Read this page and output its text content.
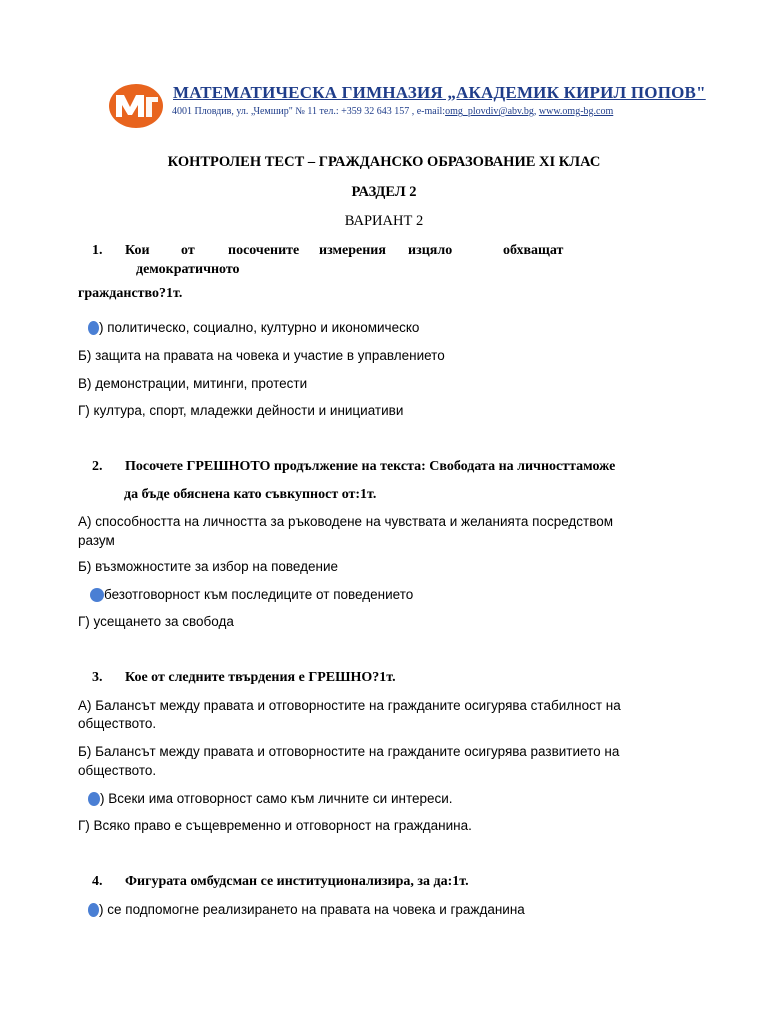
МАТЕМАТИЧЕСКА ГИМНАЗИЯ „АКАДЕМИК КИРИЛ ПОПОВ"
4001 Пловдив, ул. „Чемшир" № 11 тел.: +359 32 643 157 , e-mail:omg_plovdiv@abv.bg, www.omg-bg.com
КОНТРОЛЕН ТЕСТ – ГРАЖДАНСКО ОБРАЗОВАНИЕ XI КЛАС
РАЗДЕЛ 2
ВАРИАНТ 2
1. Кои от посочените измерения изцяло	обхващат
демократичното
гражданство?1т.
) политическо, социално, културно и икономическо
Б) защита на правата на човека и участие в управлението
В) демонстрации, митинги, протести
Г) култура, спорт, младежки дейности и инициативи
2. Посочете ГРЕШНОТО продължение на текста: Свободата на личносттаможе
да бъде обяснена като съвкупност от:1т.
А) способността на личността за ръководене на чувствата и желанията посредством
разум
Б) възможностите за избор на поведение
безотговорност към последиците от поведението
Г) усещането за свобода
3. Кое от следните твърдения е ГРЕШНО?1т.
А) Балансът между правата и отговорностите на гражданите осигурява стабилност на
обществото.
Б) Балансът между правата и отговорностите на гражданите осигурява развитието на
обществото.
) Всеки има отговорност само към личните си интереси.
Г) Всяко право е същевременно и отговорност на гражданина.
4. Фигурата омбудсман се институционализира, за да:1т.
) се подпомогне реализирането на правата на човека и гражданина
